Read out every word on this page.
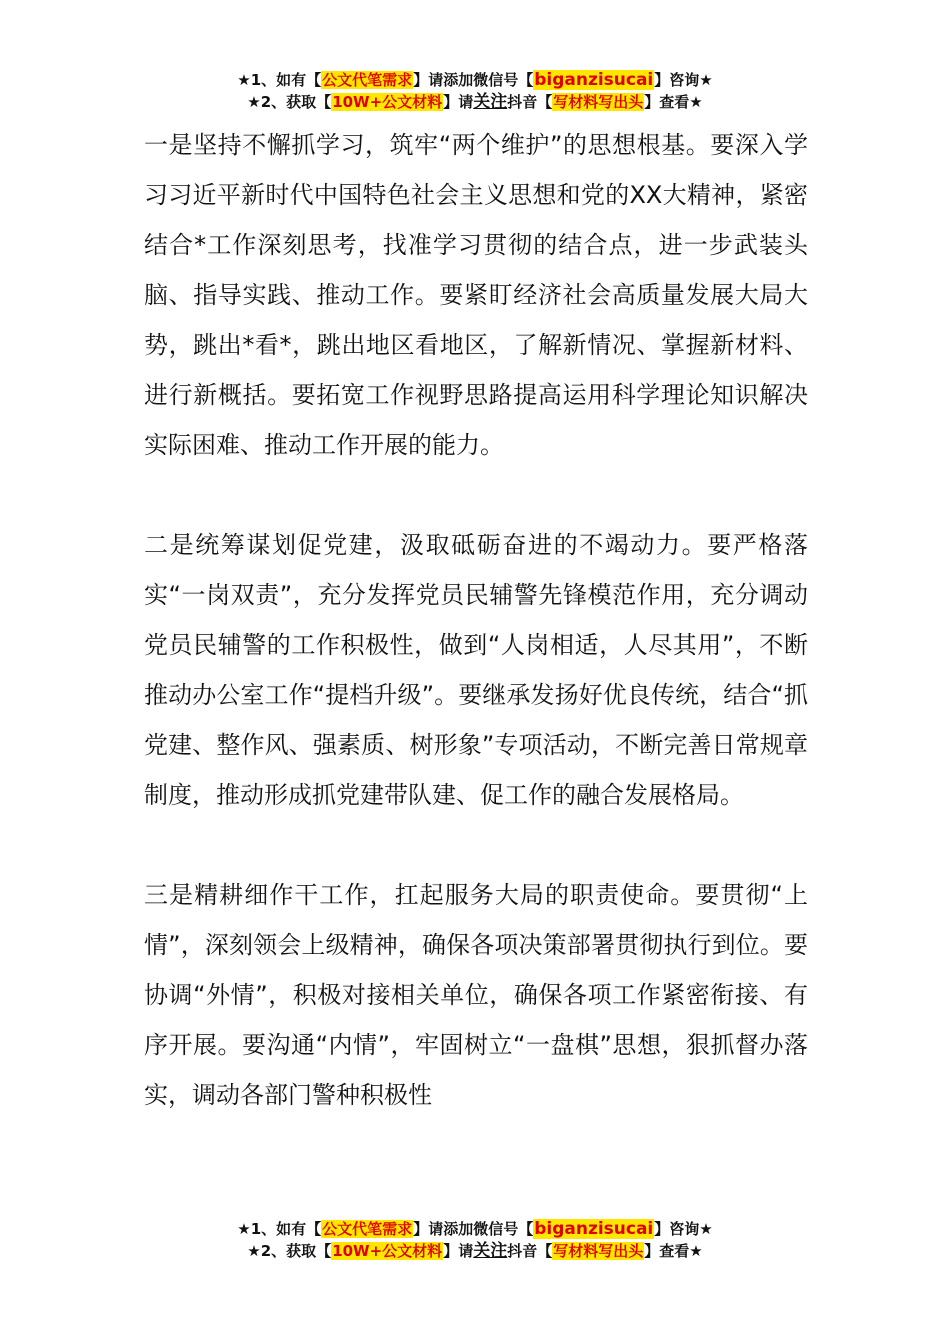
★1、如有【公文代笔需求】请添加微信号【biganzisucai】咨询★
★2、获取【10W+公文材料】请关注抖音【写材料写出头】查看★

一是坚持不懈抓学习，筑牢“两个维护”的思想根基。要深入学习习近平新时代中国特色社会主义思想和党的XX大精神，紧密结合*工作深刻思考，找准学习贯彻的结合点，进一步武装头脑、指导实践、推动工作。要紧盯经济社会高质量发展大局大势，跳出*看*，跳出地区看地区，了解新情况、掌握新材料、进行新概括。要拓宽工作视野思路提高运用科学理论知识解决实际困难、推动工作开展的能力。

二是统筹谋划促党建，汲取砥砺奋进的不竭动力。要严格落实“一岗双责”，充分发挥党员民辅警先锋模范作用，充分调动党员民辅警的工作积极性，做到“人岗相适，人尽其用”，不断推动办公室工作“提档升级”。要继承发扬好优良传统，结合“抓党建、整作风、强素质、树形象”专项活动，不断完善日常规章制度，推动形成抓党建带队建、促工作的融合发展格局。

三是精耕细作干工作，扛起服务大局的职责使命。要贯彻“上情”，深刻领会上级精神，确保各项决策部署贯彻执行到位。要协调“外情”，积极对接相关单位，确保各项工作紧密衔接、有序开展。要沟通“内情”，牢固树立“一盘棋”思想，狠抓督办落实，调动各部门警种积极性

★1、如有【公文代笔需求】请添加微信号【biganzisucai】咨询★
★2、获取【10W+公文材料】请关注抖音【写材料写出头】查看★
